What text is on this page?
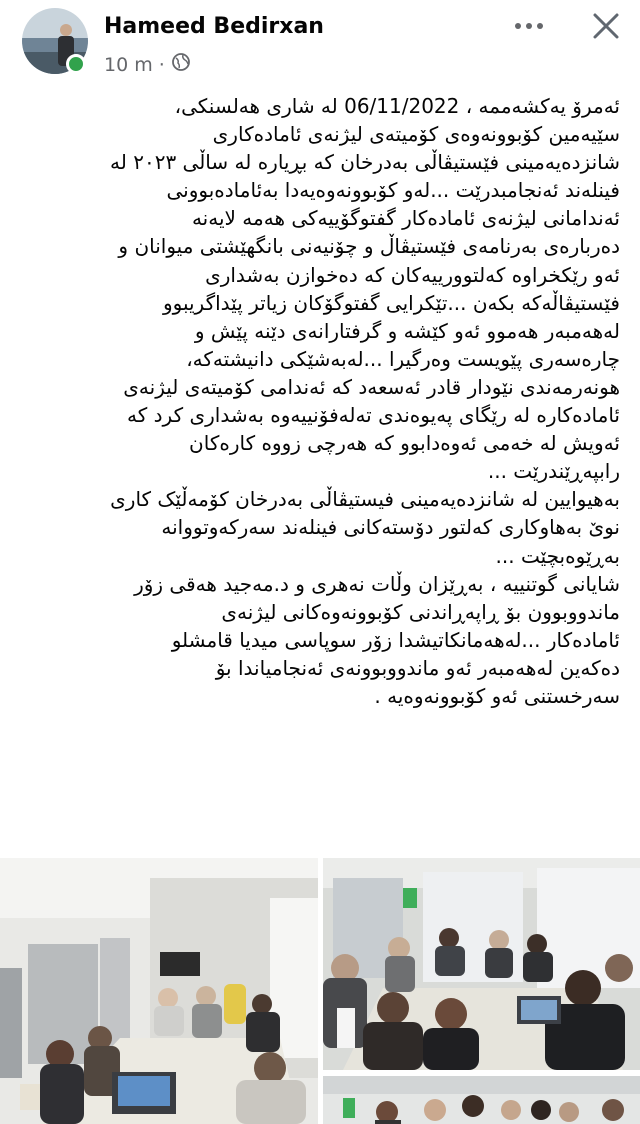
Hameed Bedirxan
10 m ·

ئەمرۆ یەکشەممە ، 06/11/2022 لە شاری هەلسنکی،

سێیەمین کۆبوونەوەی کۆمیتەی لیژنەی ئامادەکاری

شانزدەیەمینی فێستیڤاڵی بەدرخان کە بڕیارە لە ساڵی ٢٠٢٣ لە

فینلەند ئەنجامبدرێت ...لەو کۆبوونەوەیەدا بەئامادەبوونی

ئەندامانی لیژنەی ئامادەکار گفتوگۆییەکی هەمە لایەنە

دەربارەی بەرنامەی فێستیڤاڵ و چۆنیەنی بانگهێشتی میوانان و

ئەو رێکخراوە کەلتوورییەکان کە دەخوازن بەشداری

فێستیڤاڵەکە بکەن ...تێکرایی گفتوگۆکان زیاتر پێداگریبوو

لەهەمبەر هەموو ئەو کێشە و گرفتارانەی دێنە پێش و

چارەسەری پێویست وەرگیرا ...لەبەشێکی دانیشتەکە،

هونەرمەندی نێودار قادر ئەسعەد کە ئەندامی کۆمیتەی لیژنەی

ئامادەکارە لە رێگای پەیوەندی تەلەفۆنییەوە بەشداری کرد کە

ئەویش لە خەمی ئەوەدابوو کە هەرچی زووە کارەکان

رابپەڕێندرێت ...

بەهیوایین لە شانزدەیەمینی فیستیڤاڵی بەدرخان کۆمەڵێک کاری

نوێ بەهاوکاری کەلتور دۆستەکانی فینلەند سەرکەوتووانە

بەڕێوەبچێت ...

شایانی گوتنییە ، بەڕێزان وڵات نەهری و د.مەجید هەقی زۆر

ماندووبوون بۆ ڕاپەڕاندنی کۆبوونەوەکانی لیژنەی

ئامادەکار ...لەهەمانکاتیشدا زۆر سوپاسی میدیا قامشلو

دەکەین لەهەمبەر ئەو ماندووبوونەی ئەنجامیاندا بۆ

سەرخستنی ئەو کۆبوونەوەیە .
